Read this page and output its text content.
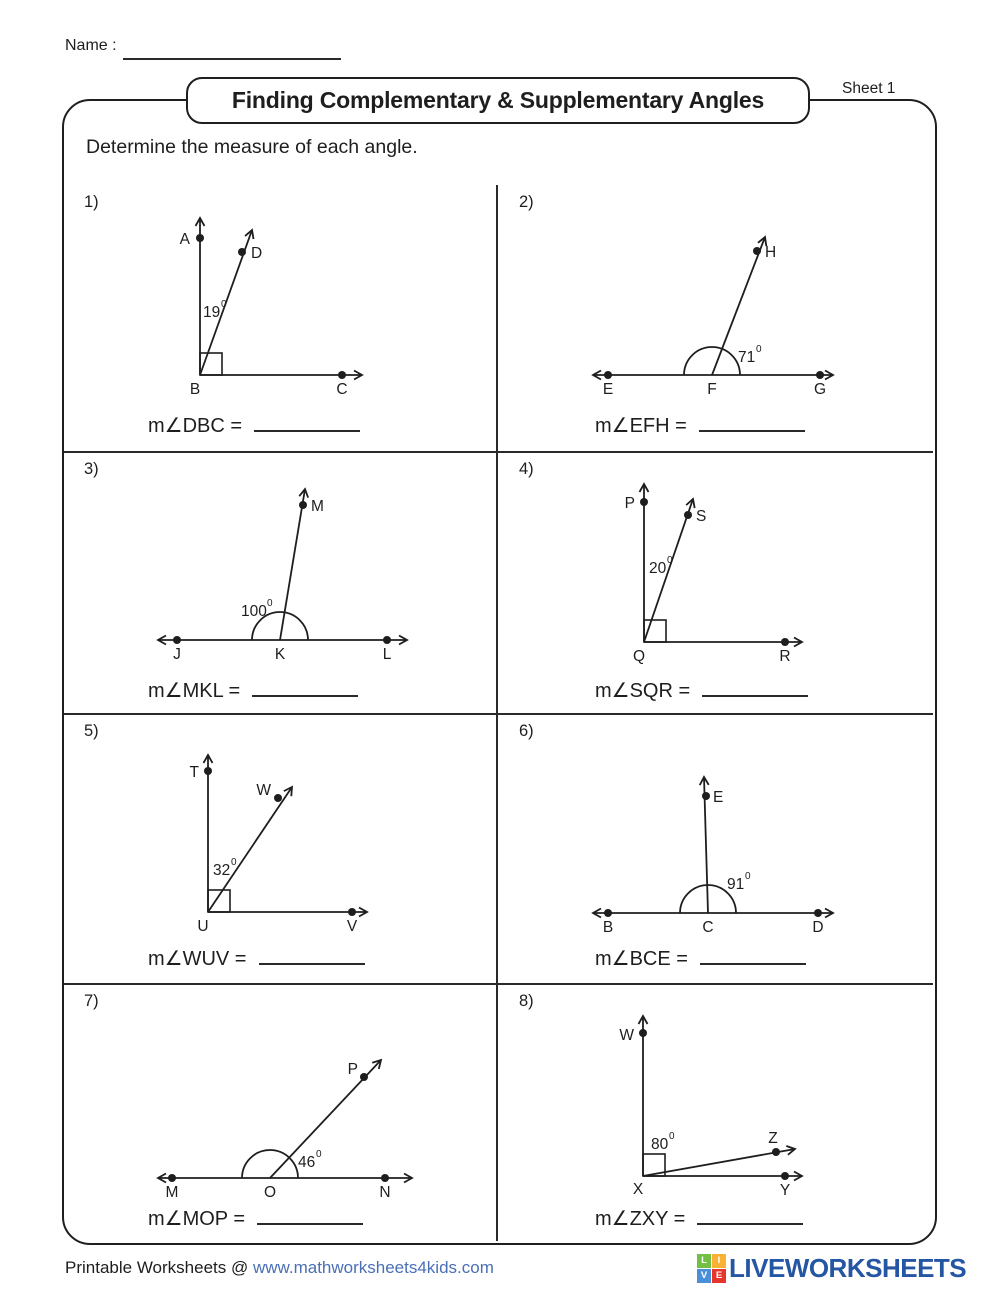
Name :
Finding Complementary & Supplementary Angles	Sheet 1
Determine the measure of each angle.
1)
A
D
B	C
19 0
m∠DBC =
2)
E	F	G
H
71 0
m∠EFH =
3)
J	K	L
M
100 0
m∠MKL =
4)
P
S
Q	R
20 0
m∠SQR =
5)
T
W
U	V
32 0
m∠WUV =
6)
B	C	D
E
91 0
m∠BCE =
7)
M	O	N
P
46 0
m∠MOP =
8)
W
Z
X	Y
80 0
m∠ZXY =
Printable Worksheets @ www.mathworksheets4kids.com	L	I
V E LIVEWORKSHEETS
